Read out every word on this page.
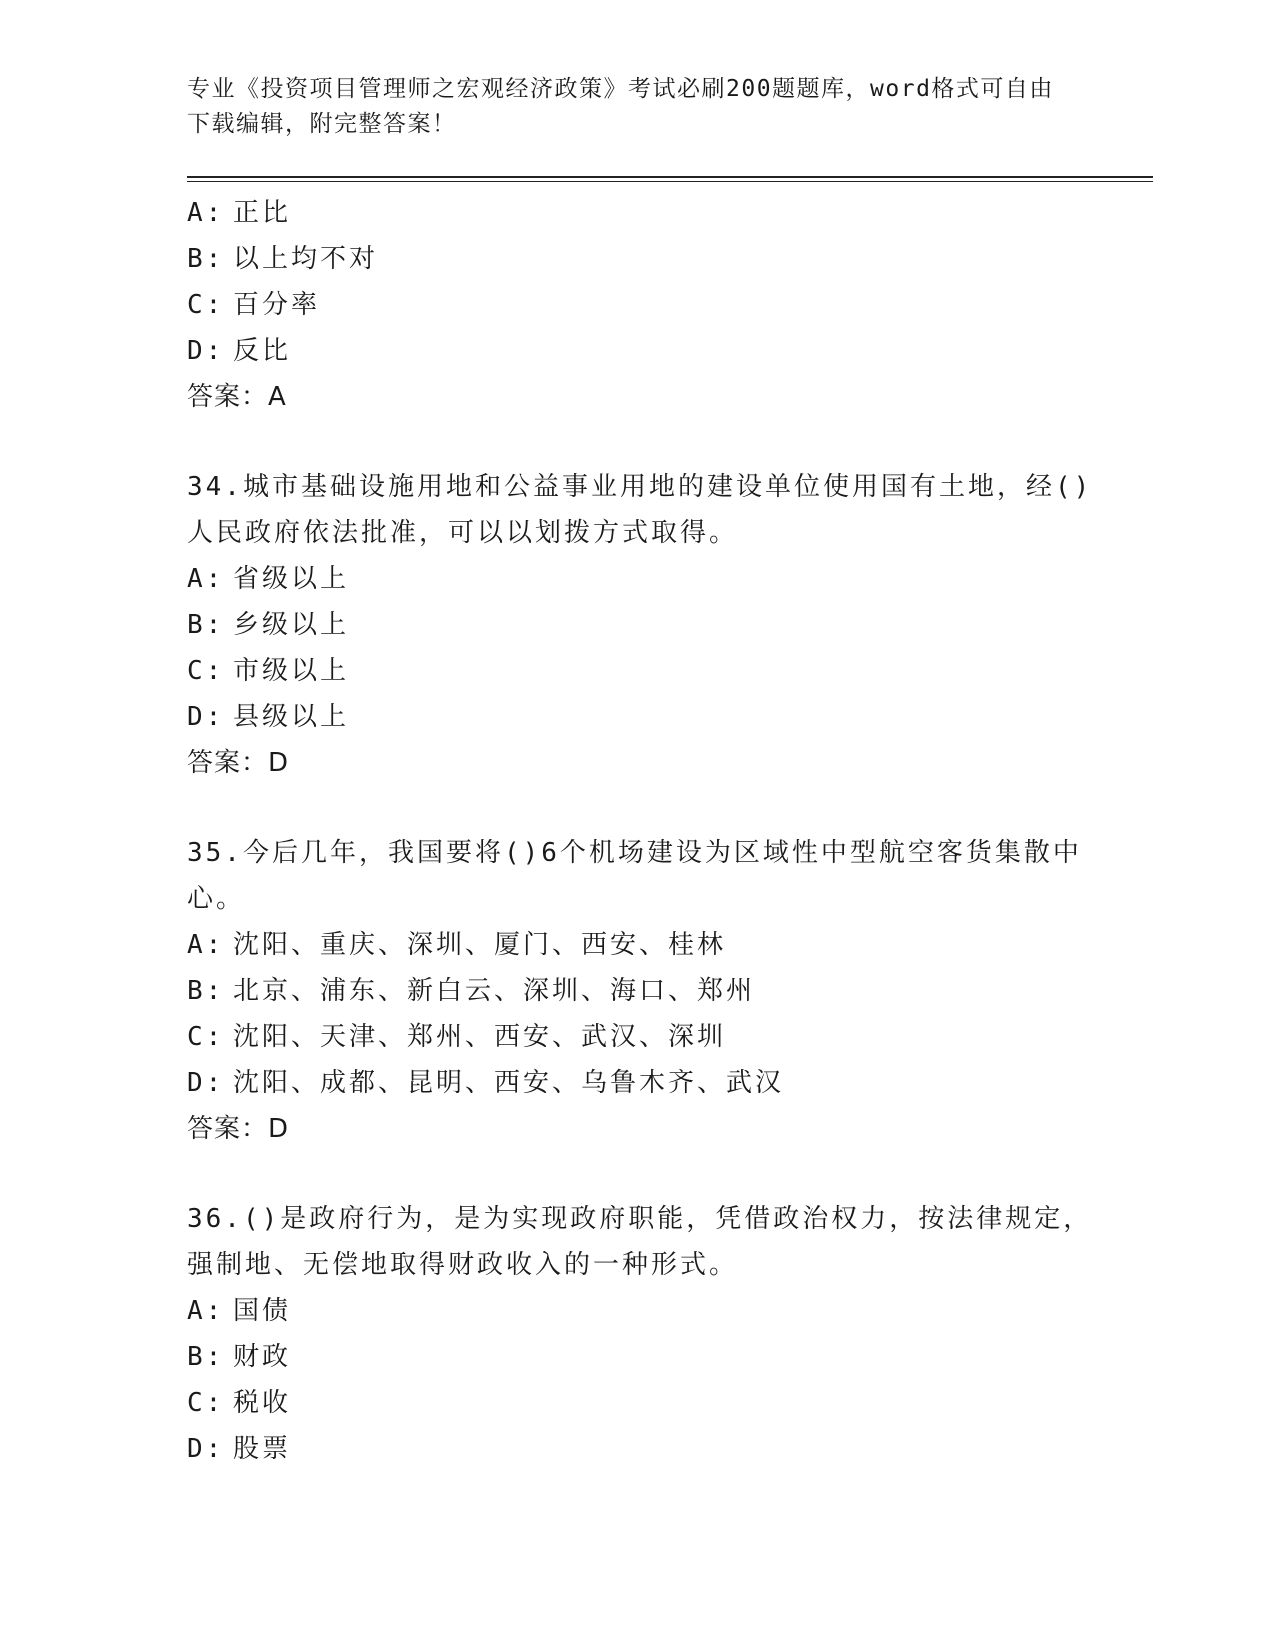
专业《投资项目管理师之宏观经济政策》考试必刷200题题库，word格式可自由
下载编辑，附完整答案！
A: 正比
B: 以上均不对
C: 百分率
D: 反比
答案：A
34.城市基础设施用地和公益事业用地的建设单位使用国有土地，经()
人民政府依法批准，可以以划拨方式取得。
A: 省级以上
B: 乡级以上
C: 市级以上
D: 县级以上
答案：D
35.今后几年，我国要将()6个机场建设为区域性中型航空客货集散中
心。
A: 沈阳、重庆、深圳、厦门、西安、桂林
B: 北京、浦东、新白云、深圳、海口、郑州
C: 沈阳、天津、郑州、西安、武汉、深圳
D: 沈阳、成都、昆明、西安、乌鲁木齐、武汉
答案：D
36.()是政府行为，是为实现政府职能，凭借政治权力，按法律规定，
强制地、无偿地取得财政收入的一种形式。
A: 国债
B: 财政
C: 税收
D: 股票
